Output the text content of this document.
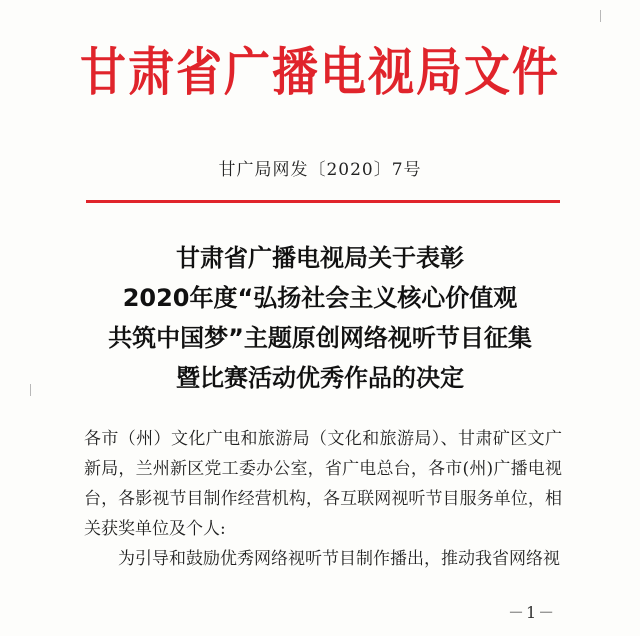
甘肃省广播电视局文件
甘广局网发〔2020〕7号
甘肃省广播电视局关于表彰
2020年度“弘扬社会主义核心价值观
共筑中国梦”主题原创网络视听节目征集
暨比赛活动优秀作品的决定

各市（州）文化广电和旅游局（文化和旅游局）、甘肃矿区文广新局，兰州新区党工委办公室，省广电总台，各市(州)广播电视台，各影视节目制作经营机构，各互联网视听节目服务单位，相关获奖单位及个人:

为引导和鼓励优秀网络视听节目制作播出，推动我省网络视

－1－
